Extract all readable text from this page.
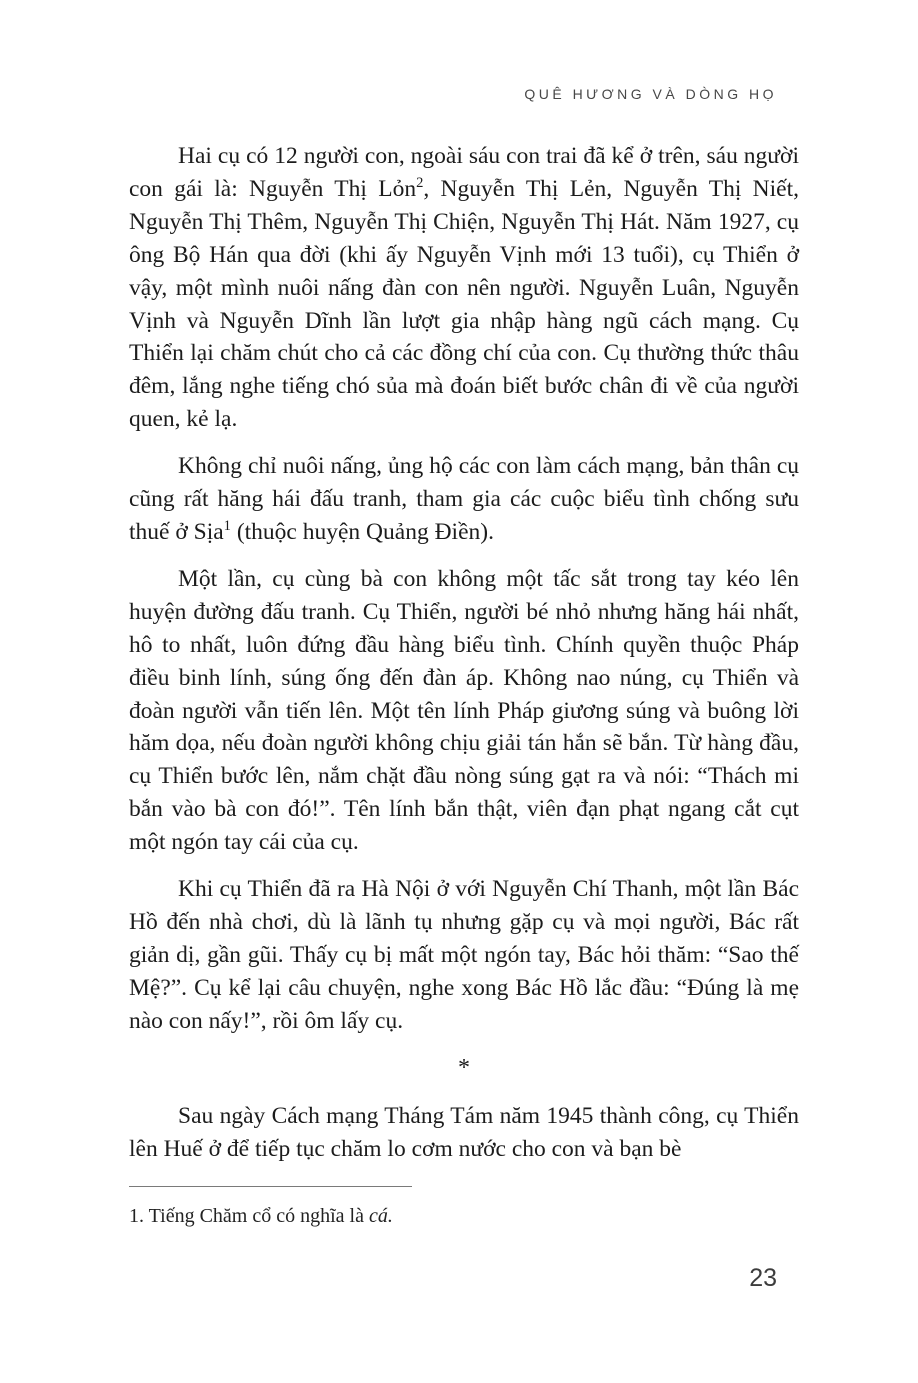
QUÊ HƯƠNG VÀ DÒNG HỌ

Hai cụ có 12 người con, ngoài sáu con trai đã kể ở trên, sáu người con gái là: Nguyễn Thị Lỏn$^2$, Nguyễn Thị Lẻn, Nguyễn Thị Niết, Nguyễn Thị Thêm, Nguyễn Thị Chiện, Nguyễn Thị Hát. Năm 1927, cụ ông Bộ Hán qua đời (khi ấy Nguyễn Vịnh mới 13 tuổi), cụ Thiển ở vậy, một mình nuôi nấng đàn con nên người. Nguyễn Luân, Nguyễn Vịnh và Nguyễn Dĩnh lần lượt gia nhập hàng ngũ cách mạng. Cụ Thiển lại chăm chút cho cả các đồng chí của con. Cụ thường thức thâu đêm, lắng nghe tiếng chó sủa mà đoán biết bước chân đi về của người quen, kẻ lạ.

Không chỉ nuôi nấng, ủng hộ các con làm cách mạng, bản thân cụ cũng rất hăng hái đấu tranh, tham gia các cuộc biểu tình chống sưu thuế ở Sịa$^1$ (thuộc huyện Quảng Điền).

Một lần, cụ cùng bà con không một tấc sắt trong tay kéo lên huyện đường đấu tranh. Cụ Thiển, người bé nhỏ nhưng hăng hái nhất, hô to nhất, luôn đứng đầu hàng biểu tình. Chính quyền thuộc Pháp điều binh lính, súng ống đến đàn áp. Không nao núng, cụ Thiển và đoàn người vẫn tiến lên. Một tên lính Pháp giương súng và buông lời hăm dọa, nếu đoàn người không chịu giải tán hắn sẽ bắn. Từ hàng đầu, cụ Thiển bước lên, nắm chặt đầu nòng súng gạt ra và nói: “Thách mi bắn vào bà con đó!”. Tên lính bắn thật, viên đạn phạt ngang cắt cụt một ngón tay cái của cụ.

Khi cụ Thiển đã ra Hà Nội ở với Nguyễn Chí Thanh, một lần Bác Hồ đến nhà chơi, dù là lãnh tụ nhưng gặp cụ và mọi người, Bác rất giản dị, gần gũi. Thấy cụ bị mất một ngón tay, Bác hỏi thăm: “Sao thế Mệ?”. Cụ kể lại câu chuyện, nghe xong Bác Hồ lắc đầu: “Đúng là mẹ nào con nấy!”, rồi ôm lấy cụ.

*

Sau ngày Cách mạng Tháng Tám năm 1945 thành công, cụ Thiển lên Huế ở để tiếp tục chăm lo cơm nước cho con và bạn bè

1. Tiếng Chăm cổ có nghĩa là cá.

23
